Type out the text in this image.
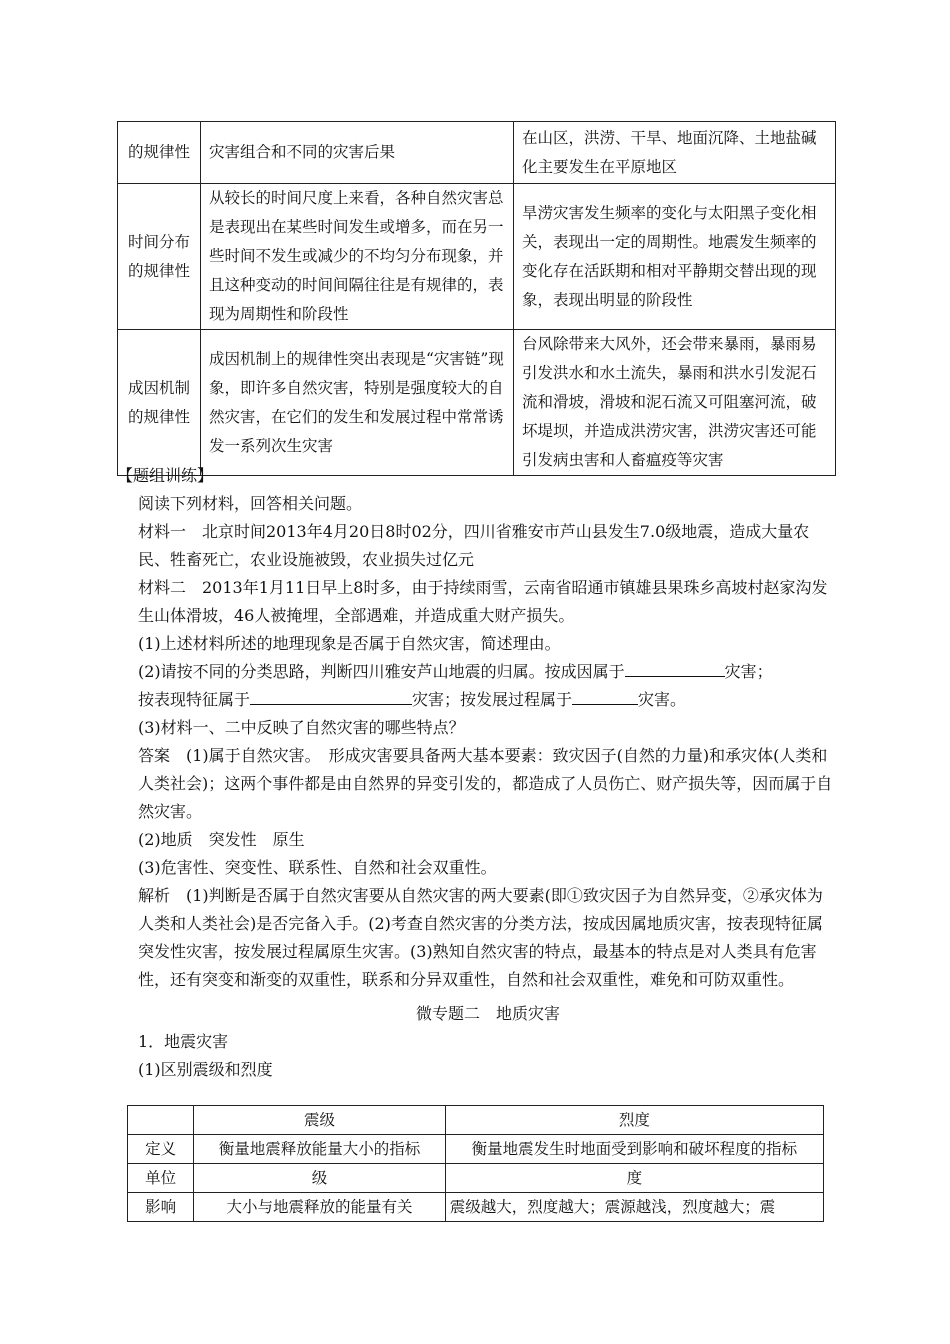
的规律性	灾害组合和不同的灾害后果	在山区，洪涝、干旱、地面沉降、土地盐碱化主要发生在平原地区
时间分布的规律性	从较长的时间尺度上来看，各种自然灾害总是表现出在某些时间发生或增多，而在另一些时间不发生或减少的不均匀分布现象，并且这种变动的时间间隔往往是有规律的，表现为周期性和阶段性	旱涝灾害发生频率的变化与太阳黑子变化相关，表现出一定的周期性。地震发生频率的变化存在活跃期和相对平静期交替出现的现象，表现出明显的阶段性
成因机制的规律性	成因机制上的规律性突出表现是“灾害链”现象，即许多自然灾害，特别是强度较大的自然灾害，在它们的发生和发展过程中常常诱发一系列次生灾害	台风除带来大风外，还会带来暴雨，暴雨易引发洪水和水土流失，暴雨和洪水引发泥石流和滑坡，滑坡和泥石流又可阻塞河流，破坏堤坝，并造成洪涝灾害，洪涝灾害还可能引发病虫害和人畜瘟疫等灾害

【题组训练】

阅读下列材料，回答相关问题。

材料一　北京时间2013年4月20日8时02分，四川省雅安市芦山县发生7.0级地震，造成大量农民、牲畜死亡，农业设施被毁，农业损失过亿元

材料二　2013年1月11日早上8时多，由于持续雨雪，云南省昭通市镇雄县果珠乡高坡村赵家沟发生山体滑坡，46人被掩埋，全部遇难，并造成重大财产损失。

(1)上述材料所述的地理现象是否属于自然灾害，简述理由。

(2)请按不同的分类思路，判断四川雅安芦山地震的归属。按成因属于	灾害；
按表现特征属于	灾害；按发展过程属于	灾害。

(3)材料一、二中反映了自然灾害的哪些特点？

答案　(1)属于自然灾害。　形成灾害要具备两大基本要素：致灾因子(自然的力量)和承灾体(人类和人类社会)；这两个事件都是由自然界的异变引发的，都造成了人员伤亡、财产损失等，因而属于自然灾害。

(2)地质　突发性　原生

(3)危害性、突变性、联系性、自然和社会双重性。

解析　(1)判断是否属于自然灾害要从自然灾害的两大要素(即①致灾因子为自然异变，②承灾体为人类和人类社会)是否完备入手。(2)考查自然灾害的分类方法，按成因属地质灾害，按表现特征属突发性灾害，按发展过程属原生灾害。(3)熟知自然灾害的特点，最基本的特点是对人类具有危害性，还有突变和渐变的双重性，联系和分异双重性，自然和社会双重性，难免和可防双重性。

微专题二　地质灾害

1．地震灾害

(1)区别震级和烈度

	震级	烈度
定义	衡量地震释放能量大小的指标	衡量地震发生时地面受到影响和破坏程度的指标
单位	级	度
影响	大小与地震释放的能量有关	震级越大，烈度越大；震源越浅，烈度越大；震
